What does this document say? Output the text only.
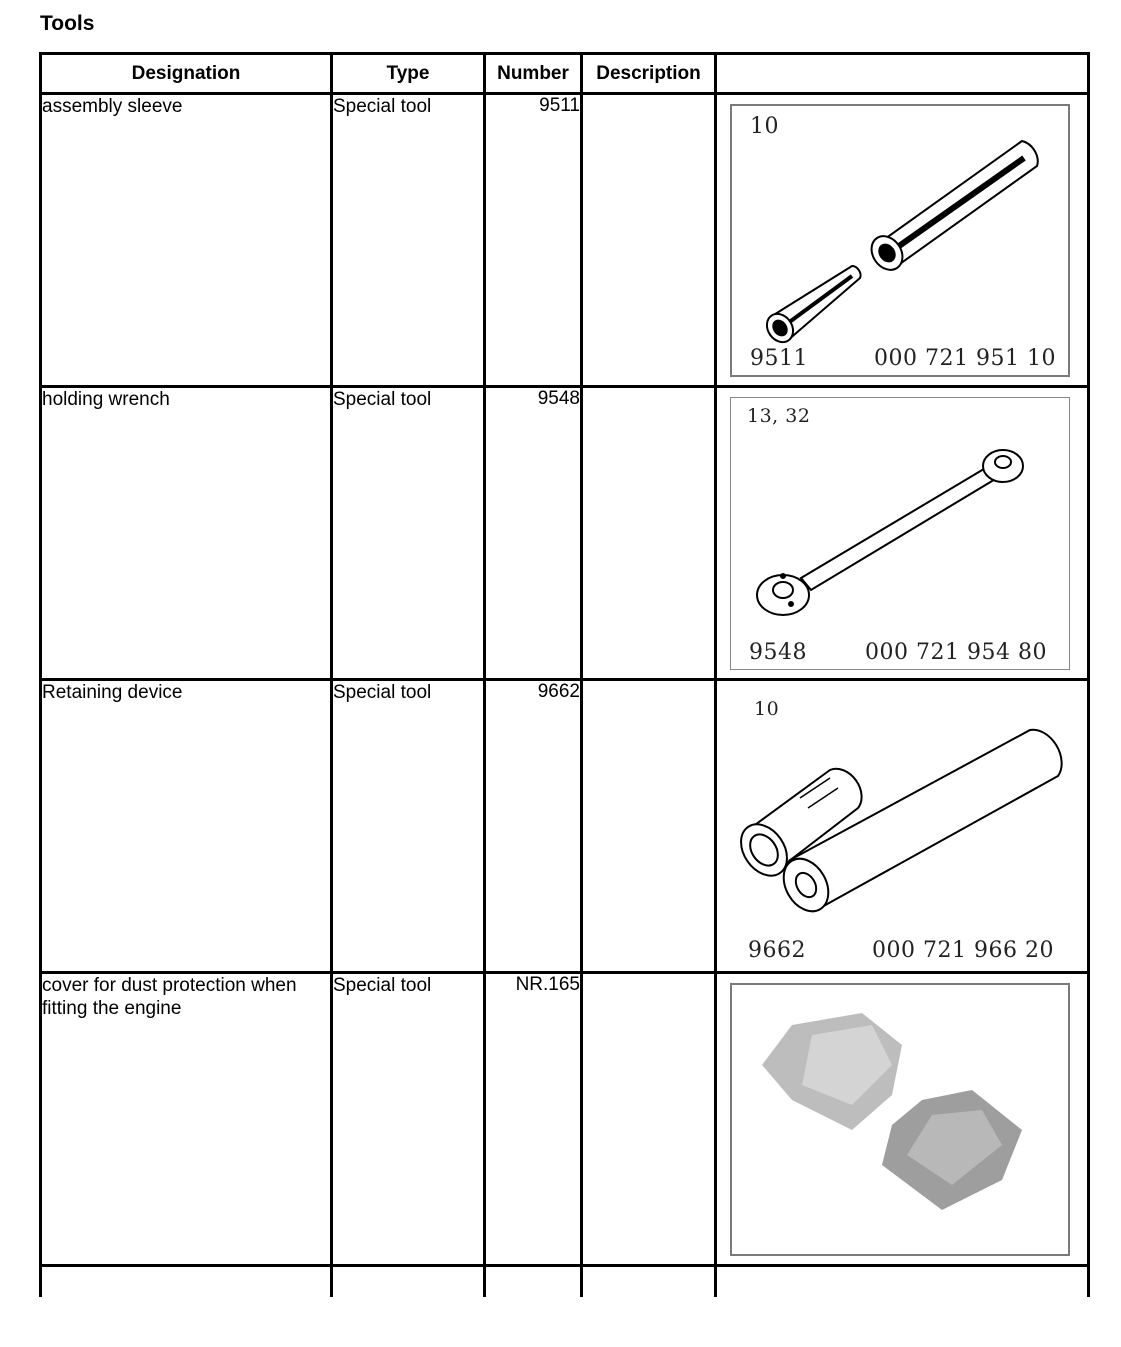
Tools
Designation	Type	Number	Description	
assembly sleeve	Special tool	9511		10
9511 000 721 951 10

holding wrench	Special tool	9548		13, 32
9548 000 721 954 80

Retaining device	Special tool	9662		10
9662 000 721 966 20

cover for dust protection when fitting the engine	Special tool	NR.165		
